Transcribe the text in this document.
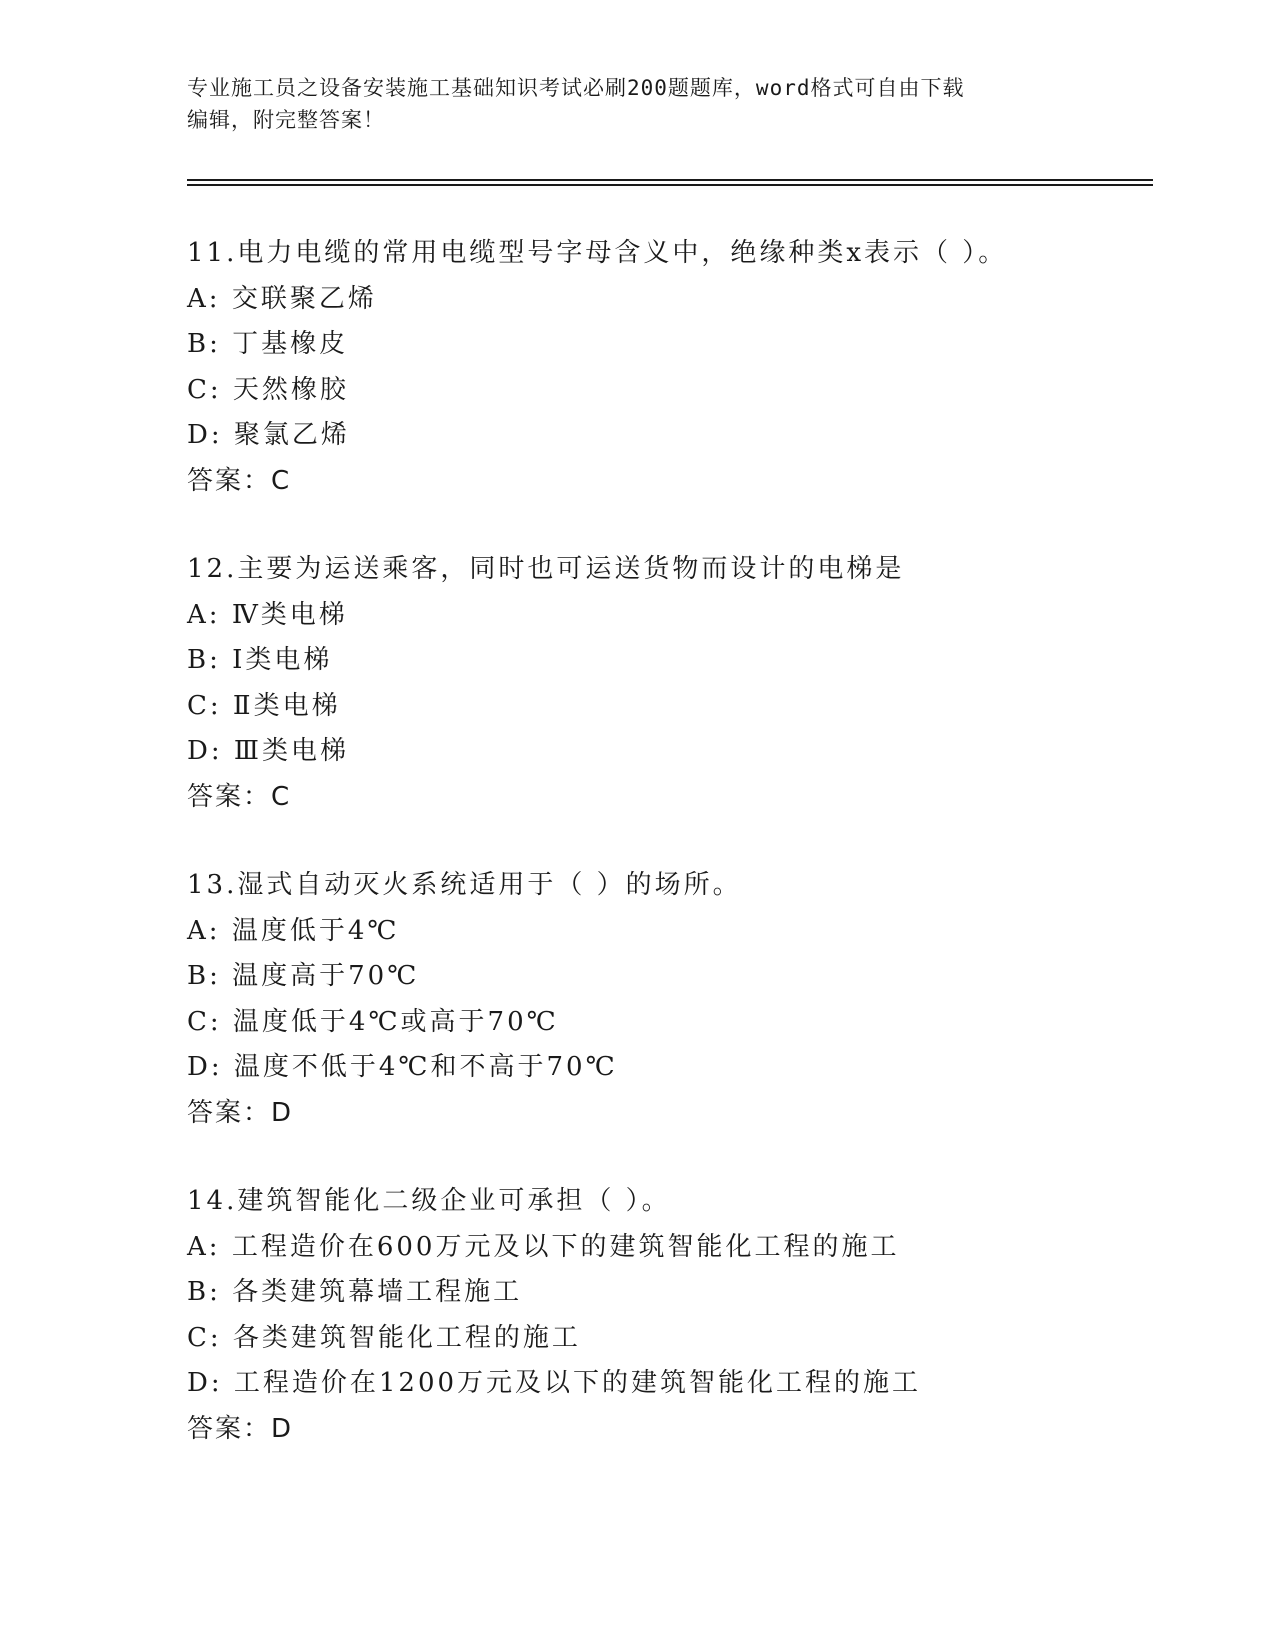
专业施工员之设备安装施工基础知识考试必刷200题题库，word格式可自由下载
编辑，附完整答案！
11.电力电缆的常用电缆型号字母含义中，绝缘种类x表示（ ）。
A: 交联聚乙烯
B: 丁基橡皮
C: 天然橡胶
D: 聚氯乙烯
答案：C
12.主要为运送乘客，同时也可运送货物而设计的电梯是
A: Ⅳ类电梯
B: Ⅰ类电梯
C: Ⅱ类电梯
D: Ⅲ类电梯
答案：C
13.湿式自动灭火系统适用于（ ）的场所。
A: 温度低于4℃
B: 温度高于70℃
C: 温度低于4℃或高于70℃
D: 温度不低于4℃和不高于70℃
答案：D
14.建筑智能化二级企业可承担（ ）。
A: 工程造价在600万元及以下的建筑智能化工程的施工
B: 各类建筑幕墙工程施工
C: 各类建筑智能化工程的施工
D: 工程造价在1200万元及以下的建筑智能化工程的施工
答案：D
